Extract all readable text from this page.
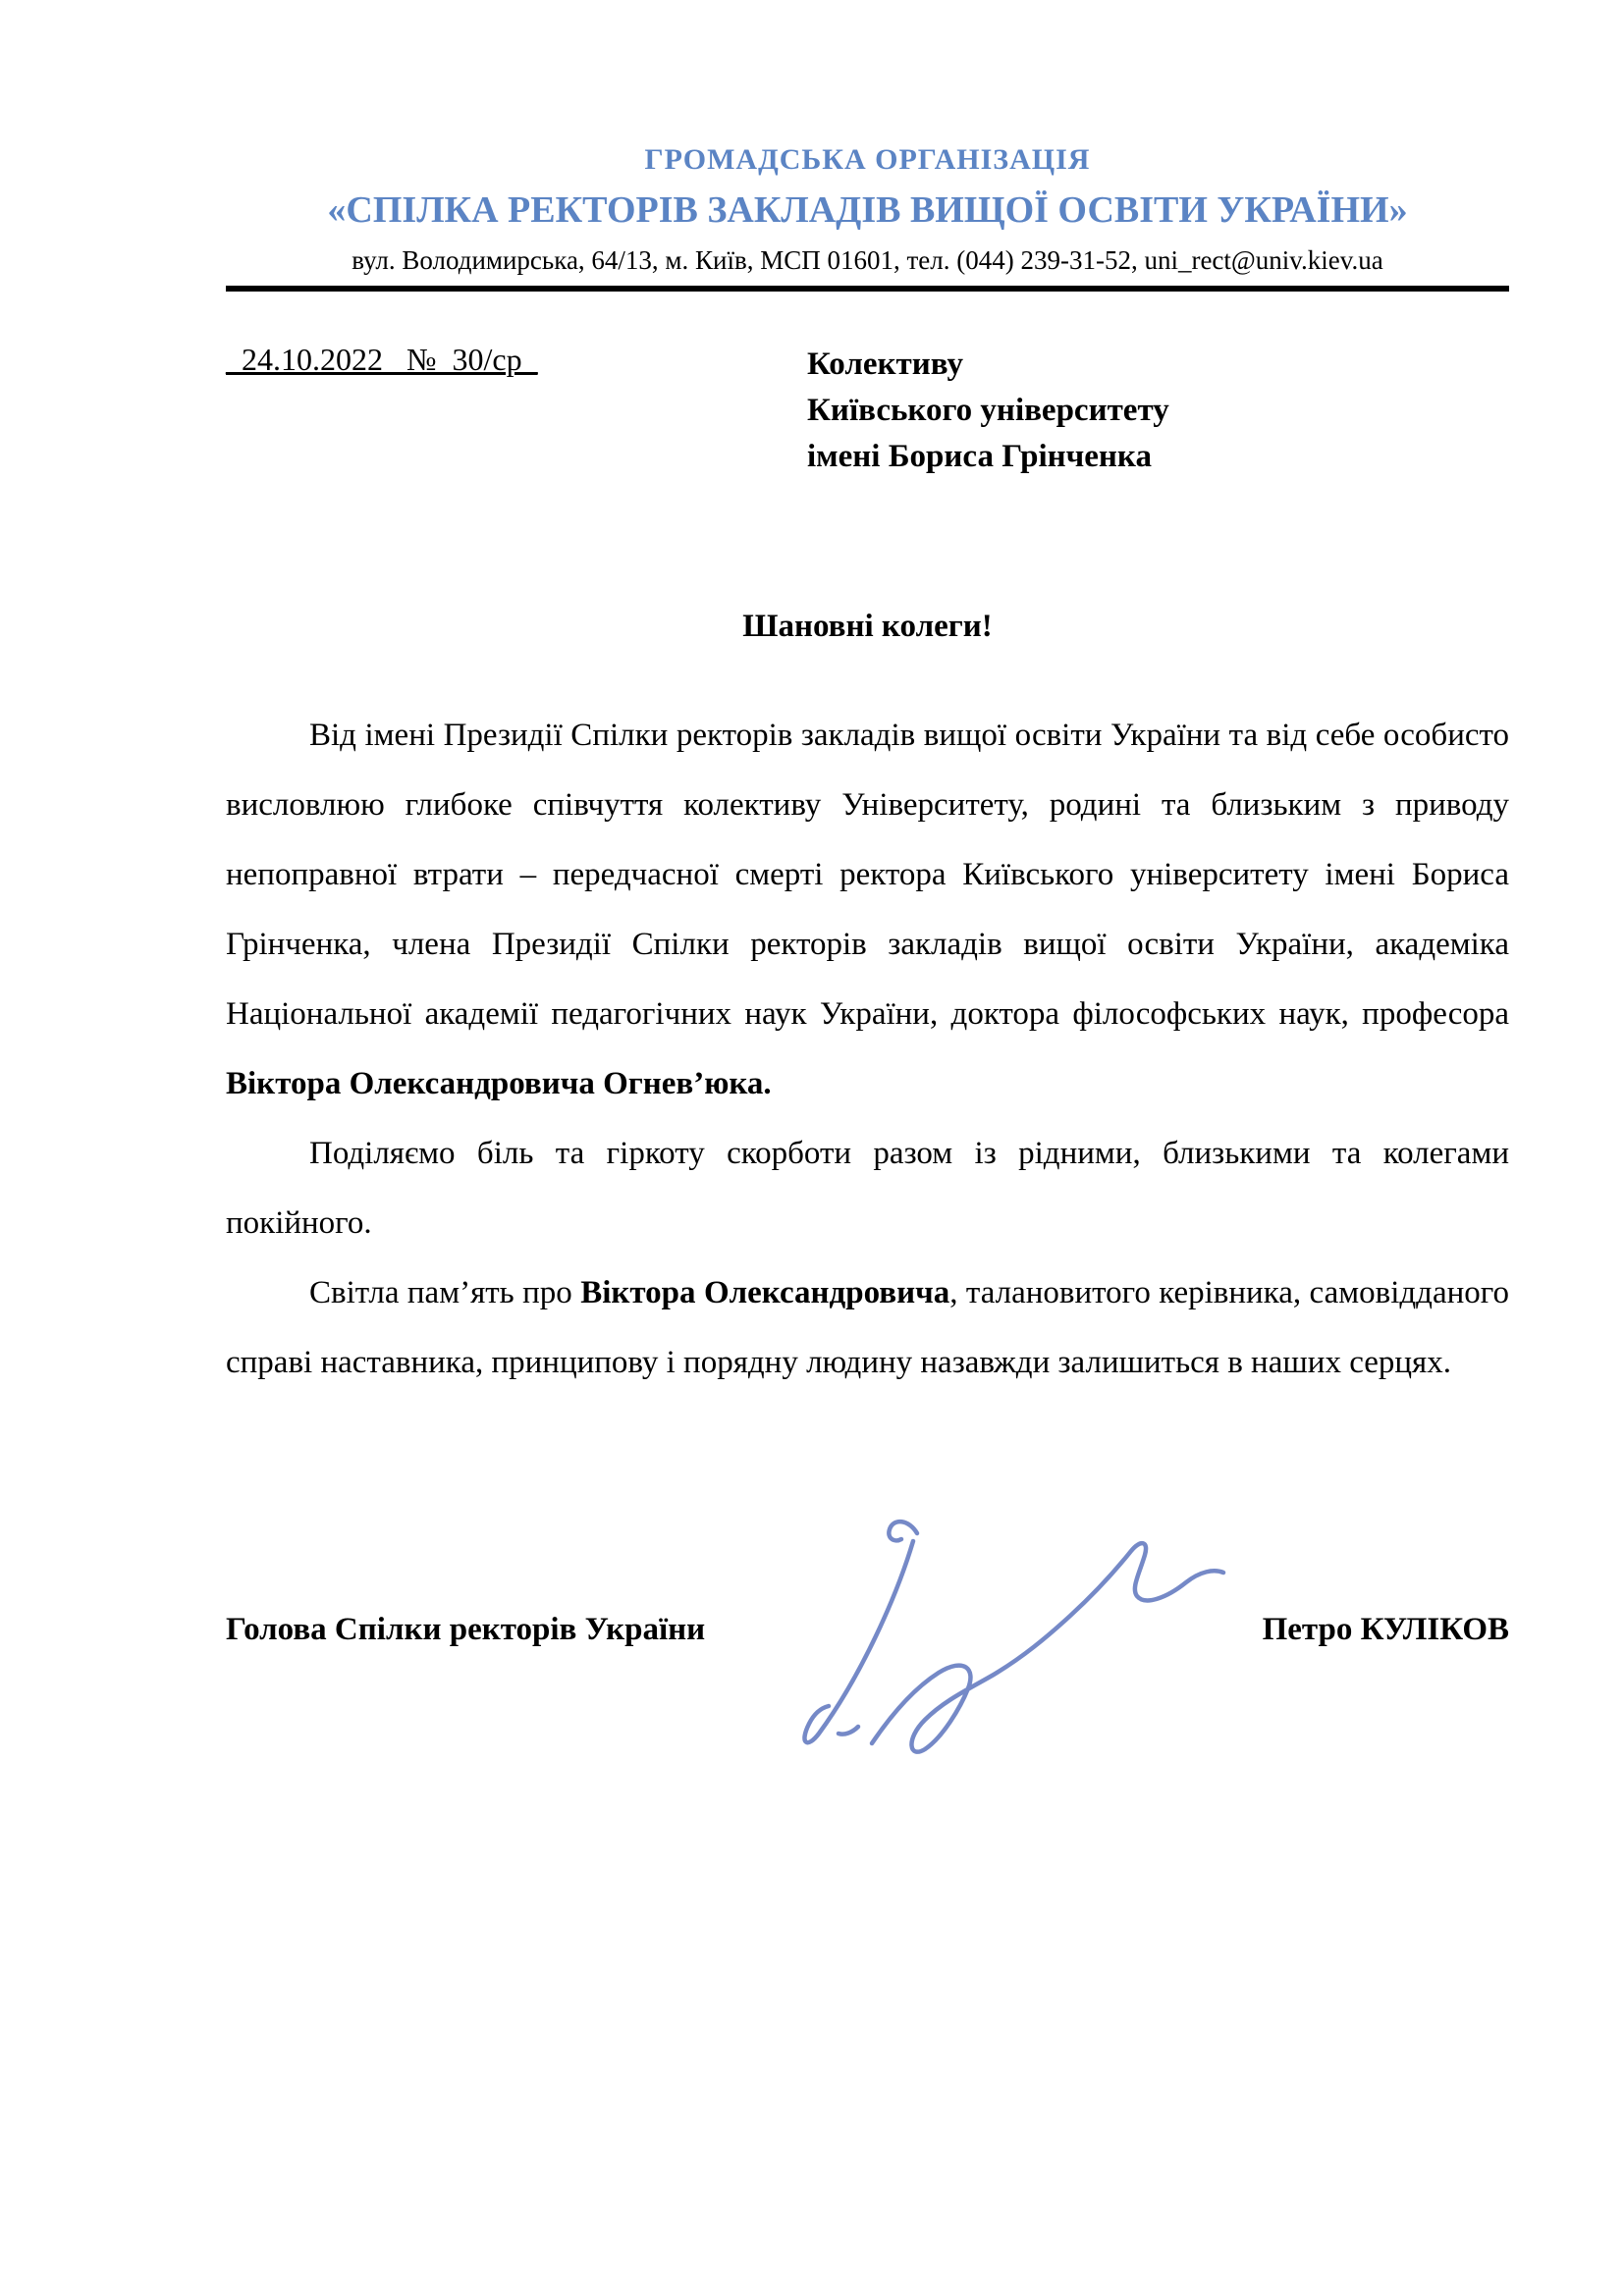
ГРОМАДСЬКА ОРГАНІЗАЦІЯ
«СПІЛКА РЕКТОРІВ ЗАКЛАДІВ ВИЩОЇ ОСВІТИ УКРАЇНИ»
вул. Володимирська, 64/13, м. Київ, МСП 01601, тел. (044) 239-31-52, uni_rect@univ.kiev.ua
_24.10.2022_ №_30/ср_	Колективу
Київського університету
імені Бориса Грінченка
Шановні колеги!

Від імені Президії Спілки ректорів закладів вищої освіти України та від себе особисто висловлюю глибоке співчуття колективу Університету, родині та близьким з приводу непоправної втрати – передчасної смерті ректора Київського університету імені Бориса Грінченка, члена Президії Спілки ректорів закладів вищої освіти України, академіка Національної академії педагогічних наук України, доктора філософських наук, професора Віктора Олександровича Огнев’юка.

Поділяємо біль та гіркоту скорботи разом із рідними, близькими та колегами покійного.

Світла пам’ять про Віктора Олександровича, талановитого керівника, самовідданого справі наставника, принципову і порядну людину назавжди залишиться в наших серцях.

Голова Спілки ректорів України	Петро КУЛІКОВ
